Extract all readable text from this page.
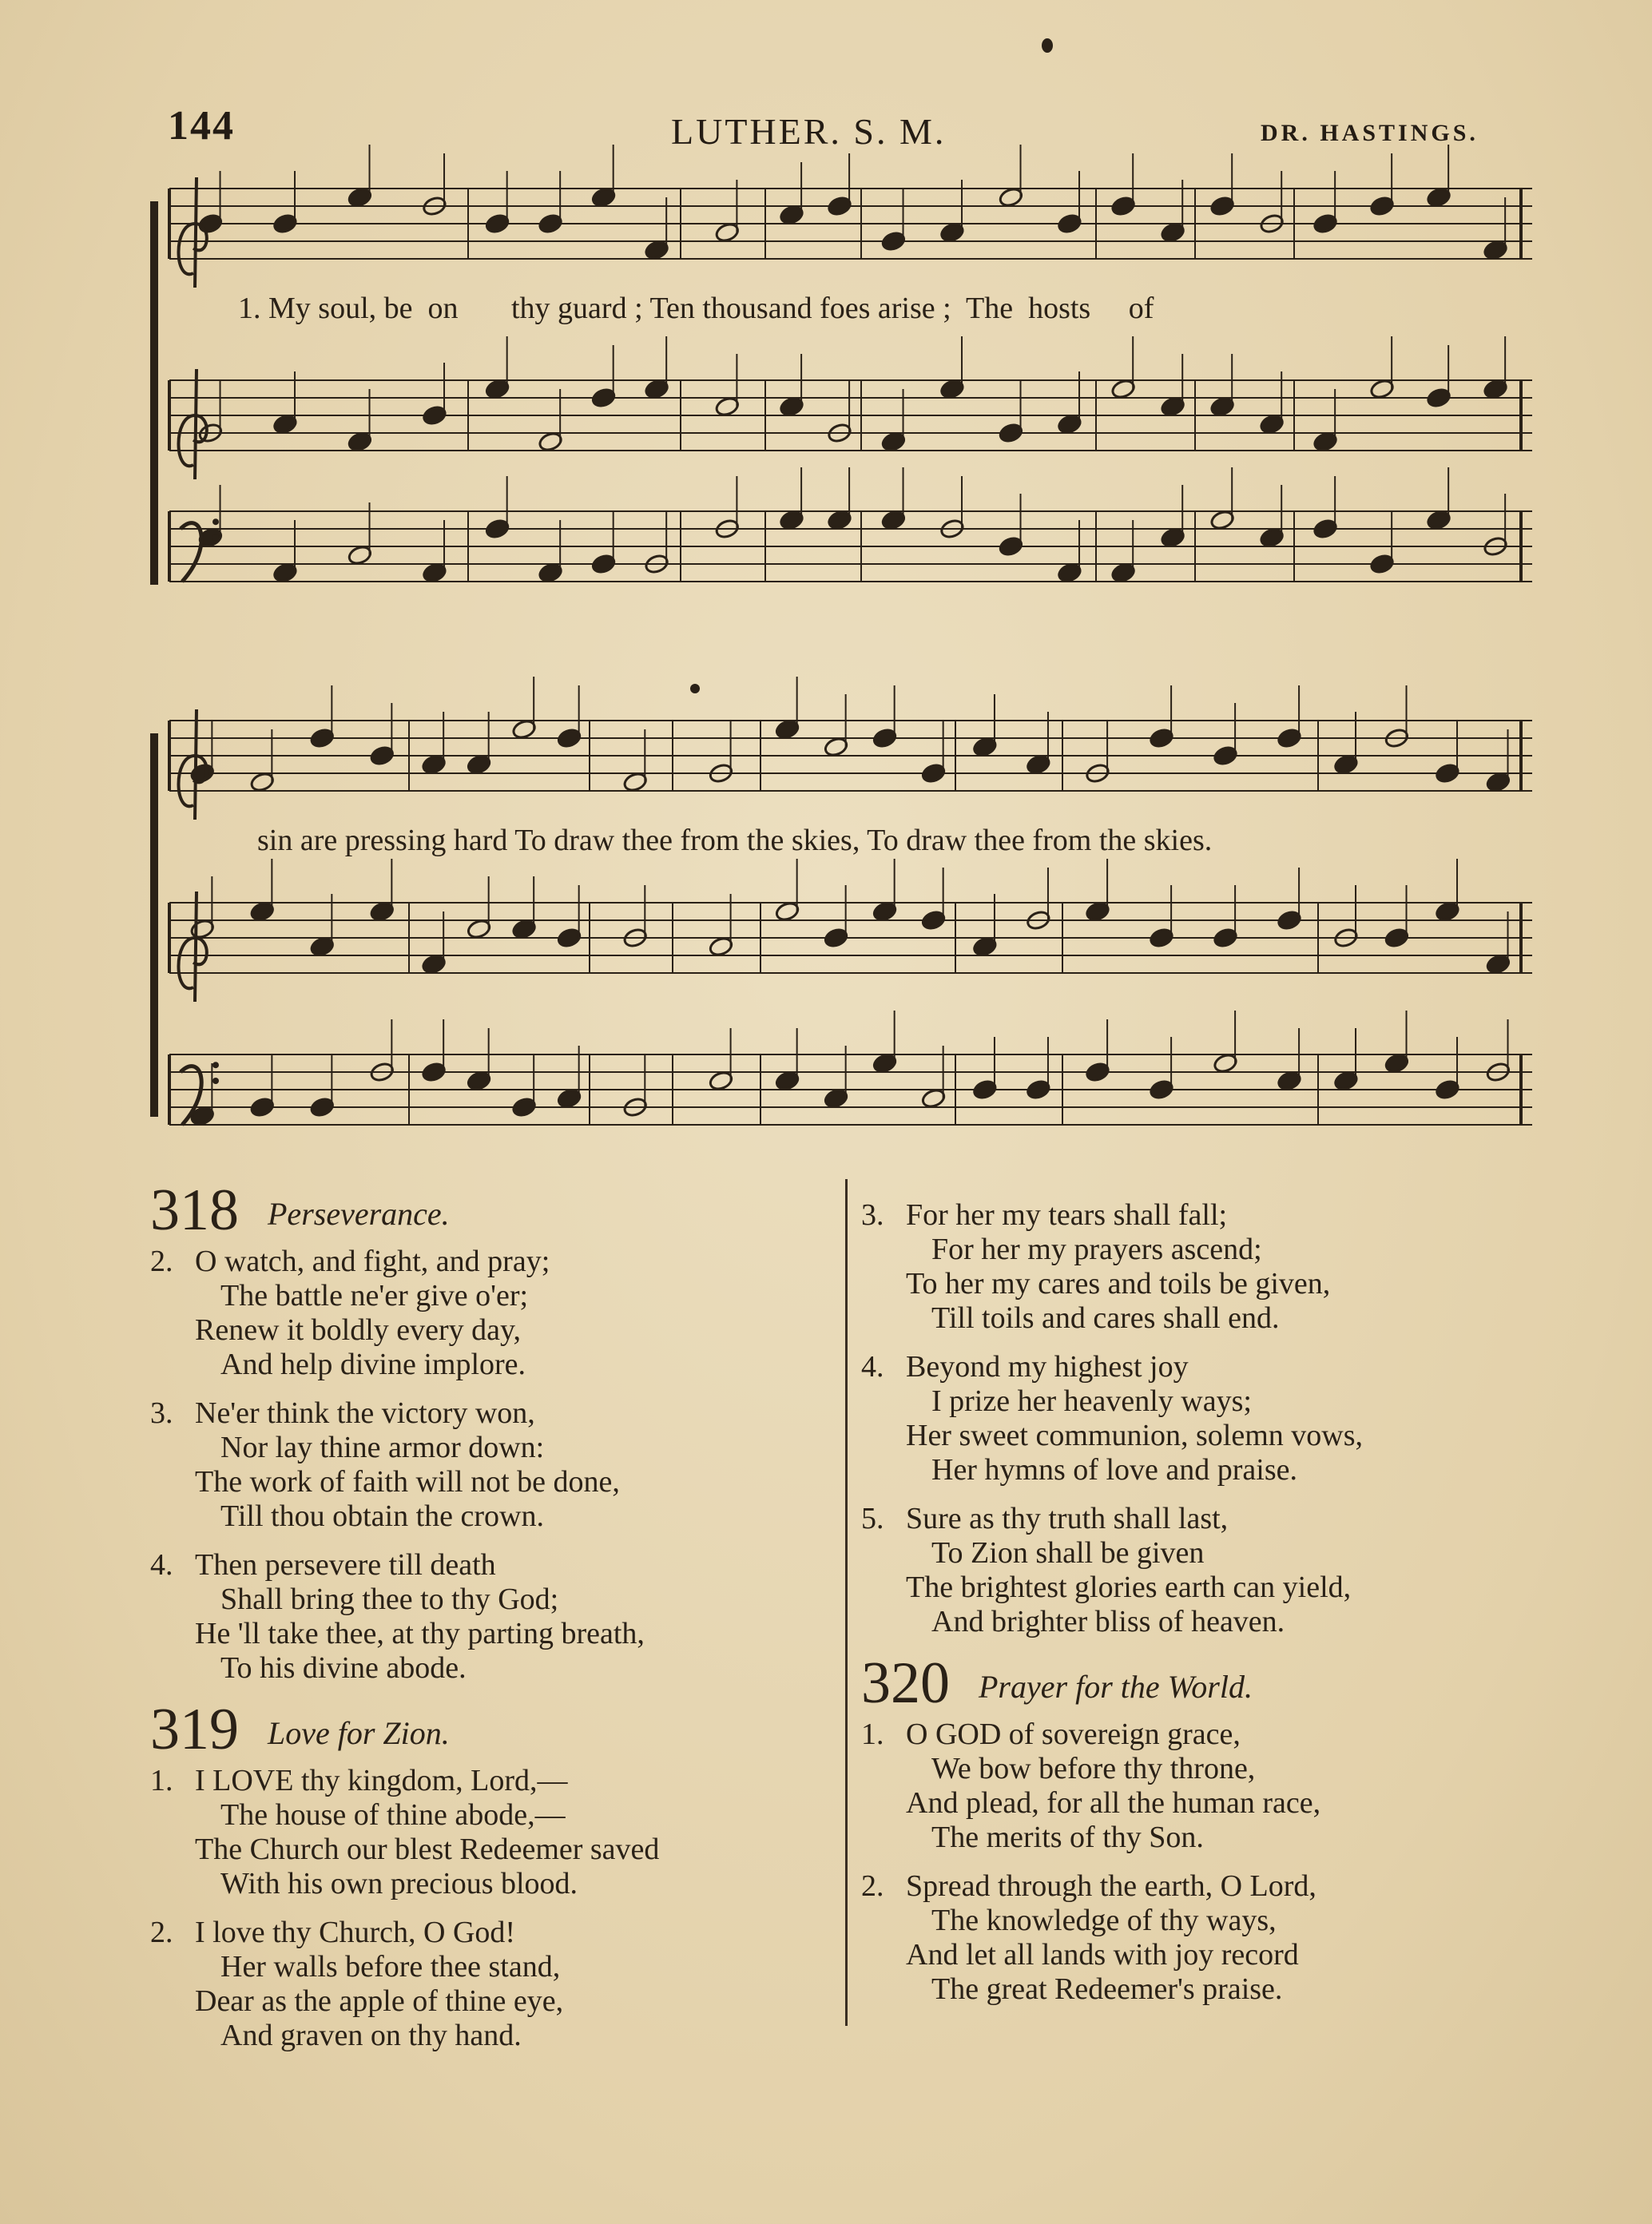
144	LUTHER. S. M.	DR. HASTINGS.
1. My soul, be  on       thy guard ; Ten thousand foes arise ;  The  hosts     of
sin are pressing hard To draw thee from the skies, To draw thee from the skies.
318 Perseverance.
2. O watch, and fight, and pray;
The battle ne'er give o'er;
Renew it boldly every day,
And help divine implore.
3. Ne'er think the victory won,
Nor lay thine armor down:
The work of faith will not be done,
Till thou obtain the crown.
4. Then persevere till death
Shall bring thee to thy God;
He 'll take thee, at thy parting breath,
To his divine abode.
319 Love for Zion.
1. I LOVE thy kingdom, Lord,—
The house of thine abode,—
The Church our blest Redeemer saved
With his own precious blood.
2. I love thy Church, O God!
Her walls before thee stand,
Dear as the apple of thine eye,
And graven on thy hand.
3. For her my tears shall fall;
For her my prayers ascend;
To her my cares and toils be given,
Till toils and cares shall end.
4. Beyond my highest joy
I prize her heavenly ways;
Her sweet communion, solemn vows,
Her hymns of love and praise.
5. Sure as thy truth shall last,
To Zion shall be given
The brightest glories earth can yield,
And brighter bliss of heaven.
320 Prayer for the World.
1. O GOD of sovereign grace,
We bow before thy throne,
And plead, for all the human race,
The merits of thy Son.
2. Spread through the earth, O Lord,
The knowledge of thy ways,
And let all lands with joy record
The great Redeemer's praise.
